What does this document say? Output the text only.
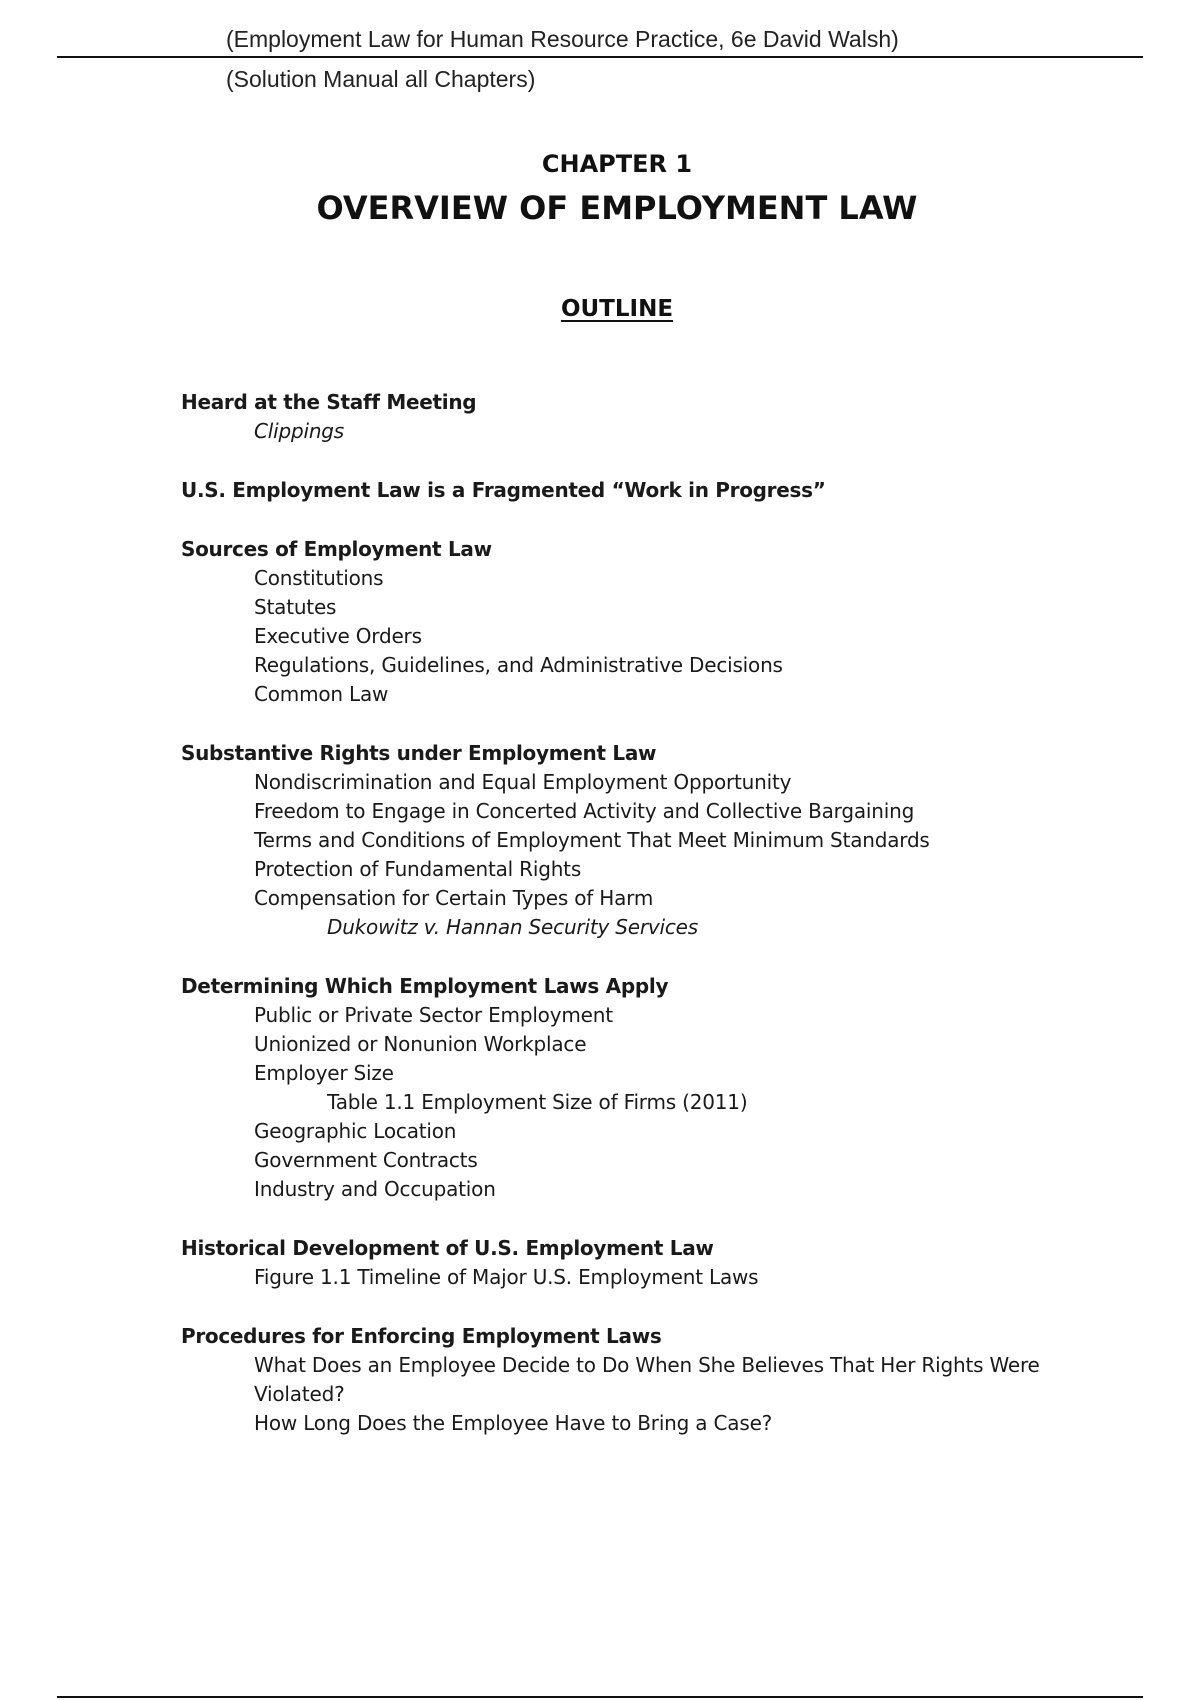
(Employment Law for Human Resource Practice, 6e David Walsh)
(Solution Manual all Chapters)
CHAPTER 1
OVERVIEW OF EMPLOYMENT LAW
OUTLINE
Heard at the Staff Meeting
Clippings
U.S. Employment Law is a Fragmented “Work in Progress”
Sources of Employment Law
Constitutions
Statutes
Executive Orders
Regulations, Guidelines, and Administrative Decisions
Common Law
Substantive Rights under Employment Law
Nondiscrimination and Equal Employment Opportunity
Freedom to Engage in Concerted Activity and Collective Bargaining
Terms and Conditions of Employment That Meet Minimum Standards
Protection of Fundamental Rights
Compensation for Certain Types of Harm
Dukowitz v. Hannan Security Services
Determining Which Employment Laws Apply
Public or Private Sector Employment
Unionized or Nonunion Workplace
Employer Size
Table 1.1 Employment Size of Firms (2011)
Geographic Location
Government Contracts
Industry and Occupation
Historical Development of U.S. Employment Law
Figure 1.1 Timeline of Major U.S. Employment Laws
Procedures for Enforcing Employment Laws
What Does an Employee Decide to Do When She Believes That Her Rights Were Violated?
How Long Does the Employee Have to Bring a Case?
